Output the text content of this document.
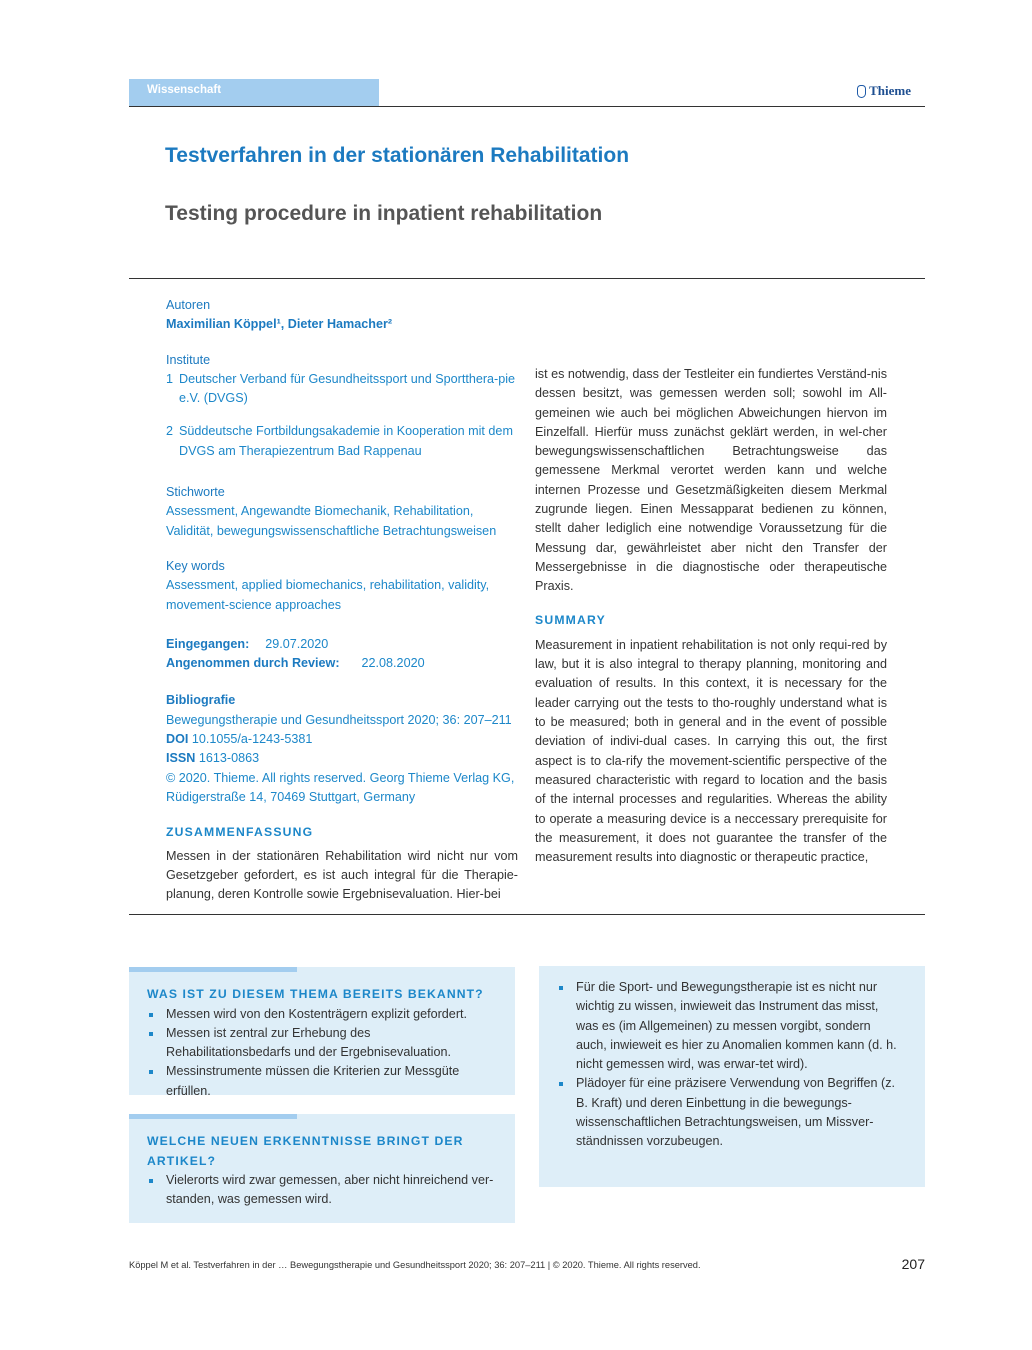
Wissenschaft	Thieme
Testverfahren in der stationären Rehabilitation
Testing procedure in inpatient rehabilitation
Autoren
Maximilian Köppel¹, Dieter Hamacher²
Institute
1 Deutscher Verband für Gesundheitssport und Sportthera-pie e.V. (DVGS)
2 Süddeutsche Fortbildungsakademie in Kooperation mit dem DVGS am Therapiezentrum Bad Rappenau
Stichworte
Assessment, Angewandte Biomechanik, Rehabilitation, Validität, bewegungswissenschaftliche Betrachtungsweisen
Key words
Assessment, applied biomechanics, rehabilitation, validity, movement-science approaches
Eingegangen: 29.07.2020
Angenommen durch Review: 22.08.2020
Bibliografie
Bewegungstherapie und Gesundheitssport 2020; 36: 207–211
DOI 10.1055/a-1243-5381
ISSN 1613-0863
© 2020. Thieme. All rights reserved. Georg Thieme Verlag KG, Rüdigerstraße 14, 70469 Stuttgart, Germany
ZUSAMMENFASSUNG
Messen in der stationären Rehabilitation wird nicht nur vom Gesetzgeber gefordert, es ist auch integral für die Therapie-planung, deren Kontrolle sowie Ergebnisevaluation. Hier-bei
ist es notwendig, dass der Testleiter ein fundiertes Verständ-nis dessen besitzt, was gemessen werden soll; sowohl im All-gemeinen wie auch bei möglichen Abweichungen hiervon im Einzelfall. Hierfür muss zunächst geklärt werden, in wel-cher bewegungswissenschaftlichen Betrachtungsweise das gemessene Merkmal verortet werden kann und welche internen Prozesse und Gesetzmäßigkeiten diesem Merkmal zugrunde liegen. Einen Messapparat bedienen zu können, stellt daher lediglich eine notwendige Voraussetzung für die Messung dar, gewährleistet aber nicht den Transfer der Messergebnisse in die diagnostische oder therapeutische Praxis.
SUMMARY
Measurement in inpatient rehabilitation is not only requi-red by law, but it is also integral to therapy planning, monitoring and evaluation of results. In this context, it is necessary for the leader carrying out the tests to tho-roughly understand what is to be measured; both in general and in the event of possible deviation of indivi-dual cases. In carrying this out, the first aspect is to cla-rify the movement-scientific perspective of the measured characteristic with regard to location and the basis of the internal processes and regularities. Whereas the ability to operate a measuring device is a neccessary prerequisite for the measurement, it does not guarantee the transfer of the measurement results into diagnostic or therapeutic practice,
WAS IST ZU DIESEM THEMA BEREITS BEKANNT?
Messen wird von den Kostenträgern explizit gefordert.
Messen ist zentral zur Erhebung des Rehabilitationsbedarfs und der Ergebnisevaluation.
Messinstrumente müssen die Kriterien zur Messgüte erfüllen.
WELCHE NEUEN ERKENNTNISSE BRINGT DER ARTIKEL?
Vielerorts wird zwar gemessen, aber nicht hinreichend ver-standen, was gemessen wird.
Für die Sport- und Bewegungstherapie ist es nicht nur wichtig zu wissen, inwieweit das Instrument das misst, was es (im Allgemeinen) zu messen vorgibt, sondern auch, inwieweit es hier zu Anomalien kommen kann (d. h. nicht gemessen wird, was erwar-tet wird).
Plädoyer für eine präzisere Verwendung von Begriffen (z. B. Kraft) und deren Einbettung in die bewegungs-wissenschaftlichen Betrachtungsweisen, um Missver-ständnissen vorzubeugen.
Köppel M et al. Testverfahren in der … Bewegungstherapie und Gesundheitssport 2020; 36: 207–211 | © 2020. Thieme. All rights reserved.	207
